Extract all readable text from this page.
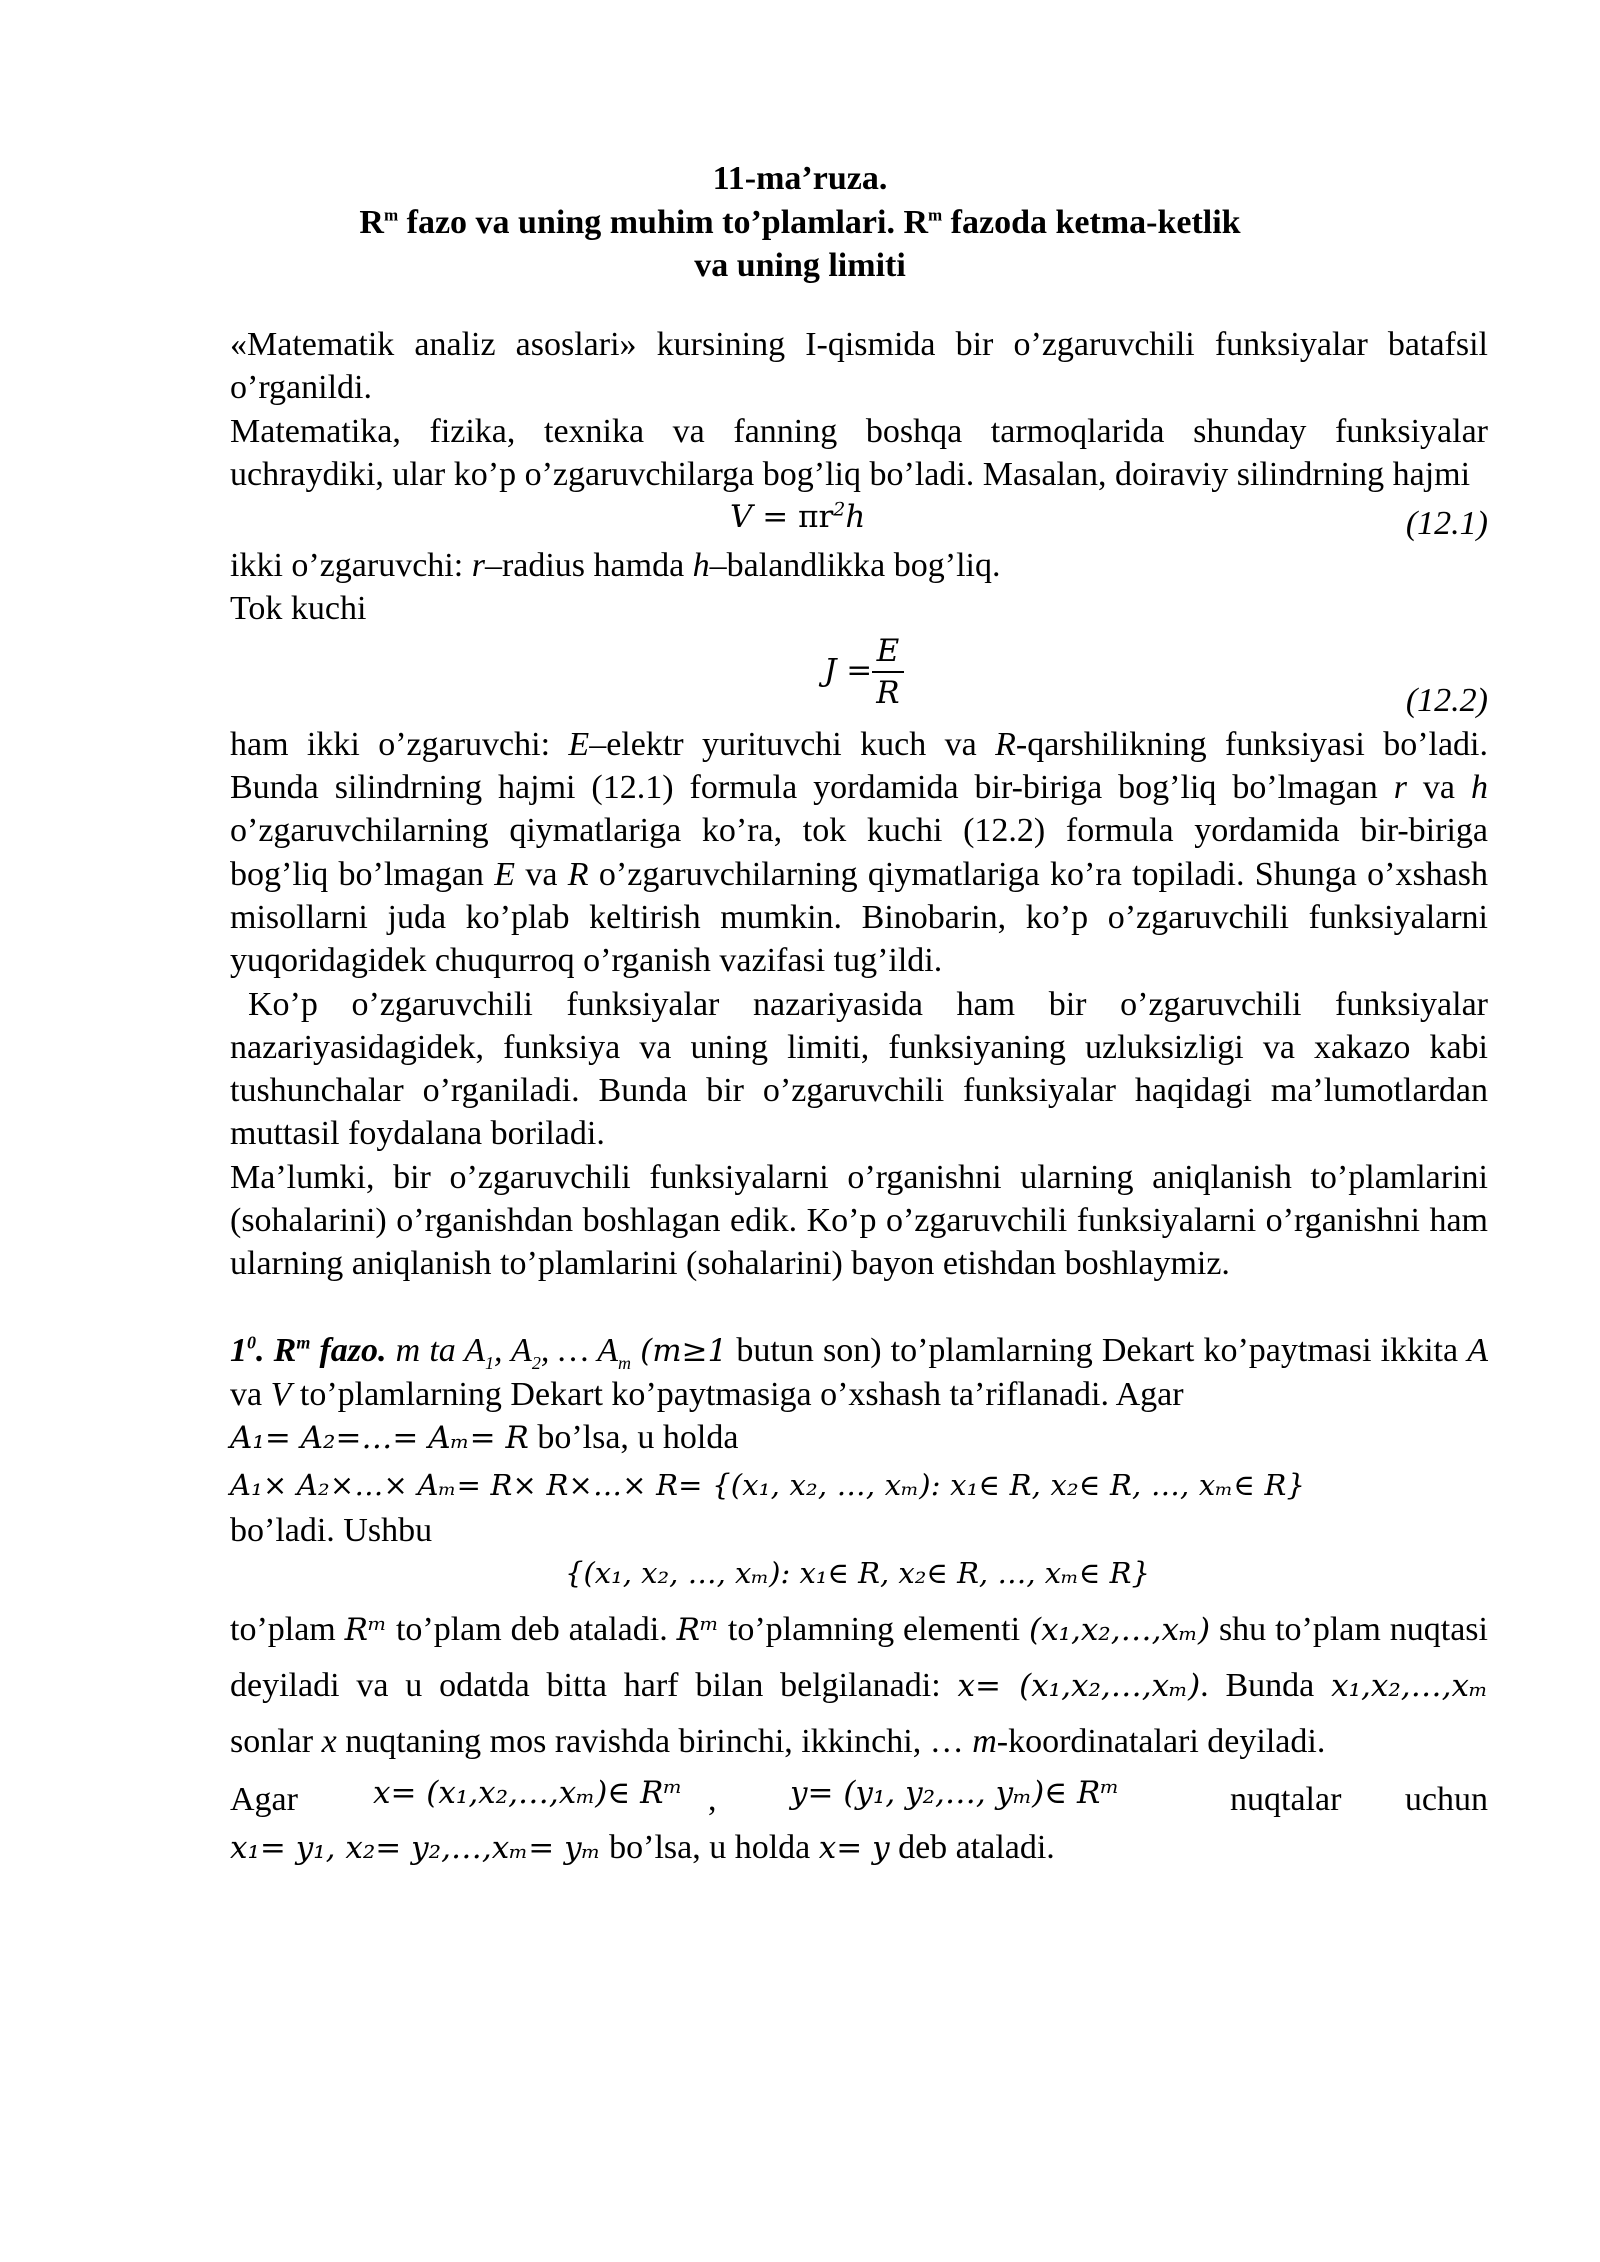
11-ma’ruza.
$R^m$ fazo va uning muhim to’plamlari. $R^m$ fazoda ketma-ketlik
va uning limiti

«Matematik analiz asoslari» kursining I-qismida bir o’zgaruvchili funksiyalar batafsil o’rganildi.

Matematika, fizika, texnika va fanning boshqa tarmoqlarida shunday funksiyalar uchraydiki, ular ko’p o’zgaruvchilarga bog’liq bo’ladi. Masalan, doiraviy silindrning hajmi

$V = \pi r^2h$	(12.1)

ikki o’zgaruvchi: r–radius hamda h–balandlikka bog’liq.

Tok kuchi

$J = \frac{E}{R}$	(12.2)

ham ikki o’zgaruvchi: E–elektr yurituvchi kuch va R-qarshilikning funksiyasi bo’ladi. Bunda silindrning hajmi (12.1) formula yordamida bir-biriga bog’liq bo’lmagan r va h o’zgaruvchilarning qiymatlariga ko’ra, tok kuchi (12.2) formula yordamida bir-biriga bog’liq bo’lmagan E va R o’zgaruvchilarning qiymatlariga ko’ra topiladi. Shunga o’xshash misollarni juda ko’plab keltirish mumkin. Binobarin, ko’p o’zgaruvchili funksiyalarni yuqoridagidek chuqurroq o’rganish vazifasi tug’ildi.

Ko’p o’zgaruvchili funksiyalar nazariyasida ham bir o’zgaruvchili funksiyalar nazariyasidagidek, funksiya va uning limiti, funksiyaning uzluksizligi va xakazo kabi tushunchalar o’rganiladi. Bunda bir o’zgaruvchili funksiyalar haqidagi ma’lumotlardan muttasil foydalana boriladi.

Ma’lumki, bir o’zgaruvchili funksiyalarni o’rganishni ularning aniqlanish to’plamlarini (sohalarini) o’rganishdan boshlagan edik. Ko’p o’zgaruvchili funksiyalarni o’rganishni ham ularning aniqlanish to’plamlarini (sohalarini) bayon etishdan boshlaymiz.

$1^0$. $R^m$ fazo. m ta $A_1$, $A_2$, … $A_m$ (m≥1 butun son) to’plamlarning Dekart ko’paytmasi ikkita A va V to’plamlarning Dekart ko’paytmasiga o’xshash ta’riflanadi. Agar

A₁= A₂=…= Aₘ= R bo’lsa, u holda

A₁× A₂×…× Aₘ= R× R×…× R= {(x₁, x₂, …, xₘ): x₁∈ R, x₂∈ R, …, xₘ∈ R}

bo’ladi. Ushbu

{(x₁, x₂, …, xₘ): x₁∈ R, x₂∈ R, …, xₘ∈ R}

to’plam Rᵐ to’plam deb ataladi. Rᵐ to’plamning elementi (x₁,x₂,…,xₘ) shu to’plam nuqtasi deyiladi va u odatda bitta harf bilan belgilanadi: x= (x₁,x₂,…,xₘ). Bunda x₁,x₂,…,xₘ sonlar x nuqtaning mos ravishda birinchi, ikkinchi, … m-koordinatalari deyiladi.

Agar x= (x₁,x₂,…,xₘ)∈ Rᵐ , y= (y₁, y₂,…, yₘ)∈ Rᵐ	nuqtalar uchun

x₁= y₁, x₂= y₂,…,xₘ= yₘ bo’lsa, u holda x= y deb ataladi.
